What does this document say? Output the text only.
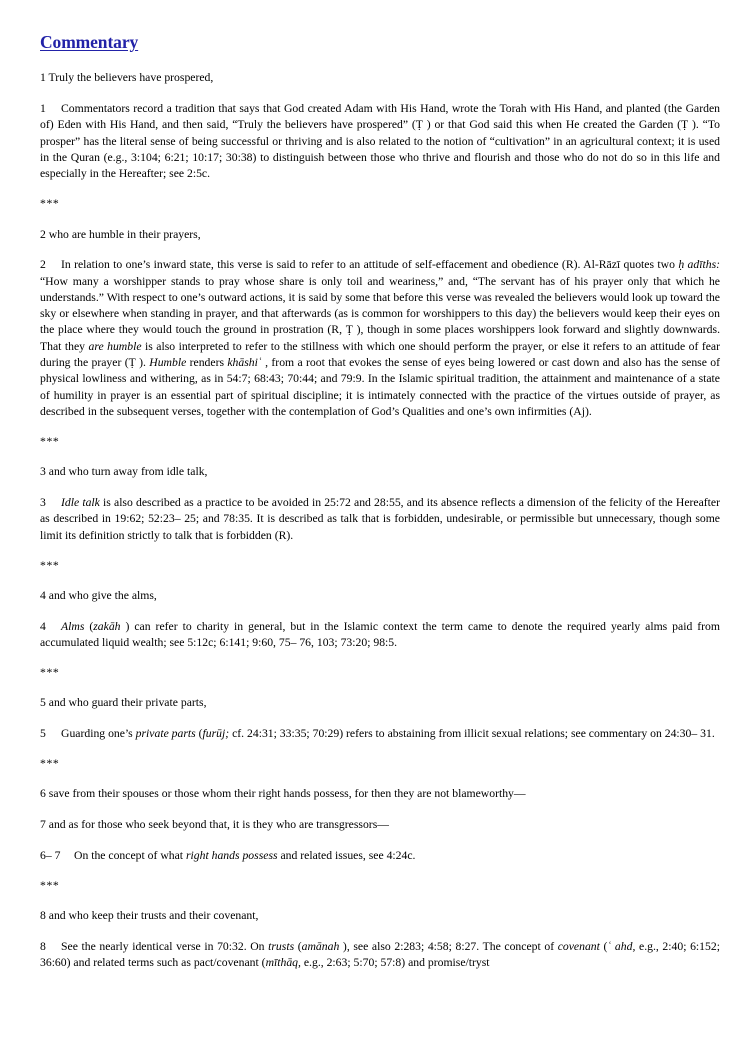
Commentary

1 Truly the believers have prospered,

1 Commentators record a tradition that says that God created Adam with His Hand, wrote the Torah with His Hand, and planted (the Garden of) Eden with His Hand, and then said, “Truly the believers have prospered” (Ṭ ) or that God said this when He created the Garden (Ṭ ). “To prosper” has the literal sense of being successful or thriving and is also related to the notion of “cultivation” in an agricultural context; it is used in the Quran (e.g., 3:104; 6:21; 10:17; 30:38) to distinguish between those who thrive and flourish and those who do not do so in this life and especially in the Hereafter; see 2:5c.

***

2 who are humble in their prayers,

2 In relation to one’s inward state, this verse is said to refer to an attitude of self-effacement and obedience (R). Al-Rāzī quotes two ḥ adīths: “How many a worshipper stands to pray whose share is only toil and weariness,” and, “The servant has of his prayer only that which he understands.” With respect to one’s outward actions, it is said by some that before this verse was revealed the believers would look up toward the sky or elsewhere when standing in prayer, and that afterwards (as is common for worshippers to this day) the believers would keep their eyes on the place where they would touch the ground in prostration (R, Ṭ ), though in some places worshippers look forward and slightly downwards. That they are humble is also interpreted to refer to the stillness with which one should perform the prayer, or else it refers to an attitude of fear during the prayer (Ṭ ). Humble renders khāshiʿ , from a root that evokes the sense of eyes being lowered or cast down and also has the sense of physical lowliness and withering, as in 54:7; 68:43; 70:44; and 79:9. In the Islamic spiritual tradition, the attainment and maintenance of a state of humility in prayer is an essential part of spiritual discipline; it is intimately connected with the practice of the virtues outside of prayer, as described in the subsequent verses, together with the contemplation of God’s Qualities and one’s own infirmities (Aj).

***

3 and who turn away from idle talk,

3 Idle talk is also described as a practice to be avoided in 25:72 and 28:55, and its absence reflects a dimension of the felicity of the Hereafter as described in 19:62; 52:23– 25; and 78:35. It is described as talk that is forbidden, undesirable, or permissible but unnecessary, though some limit its definition strictly to talk that is forbidden (R).

***

4 and who give the alms,

4 Alms (zakāh ) can refer to charity in general, but in the Islamic context the term came to denote the required yearly alms paid from accumulated liquid wealth; see 5:12c; 6:141; 9:60, 75– 76, 103; 73:20; 98:5.

***

5 and who guard their private parts,

5 Guarding one’s private parts (furūj; cf. 24:31; 33:35; 70:29) refers to abstaining from illicit sexual relations; see commentary on 24:30– 31.

***

6 save from their spouses or those whom their right hands possess, for then they are not blameworthy—

7 and as for those who seek beyond that, it is they who are transgressors—

6– 7 On the concept of what right hands possess and related issues, see 4:24c.

***

8 and who keep their trusts and their covenant,

8 See the nearly identical verse in 70:32. On trusts (amānah ), see also 2:283; 4:58; 8:27. The concept of covenant (ʿ ahd, e.g., 2:40; 6:152; 36:60) and related terms such as pact/covenant (mīthāq, e.g., 2:63; 5:70; 57:8) and promise/tryst
